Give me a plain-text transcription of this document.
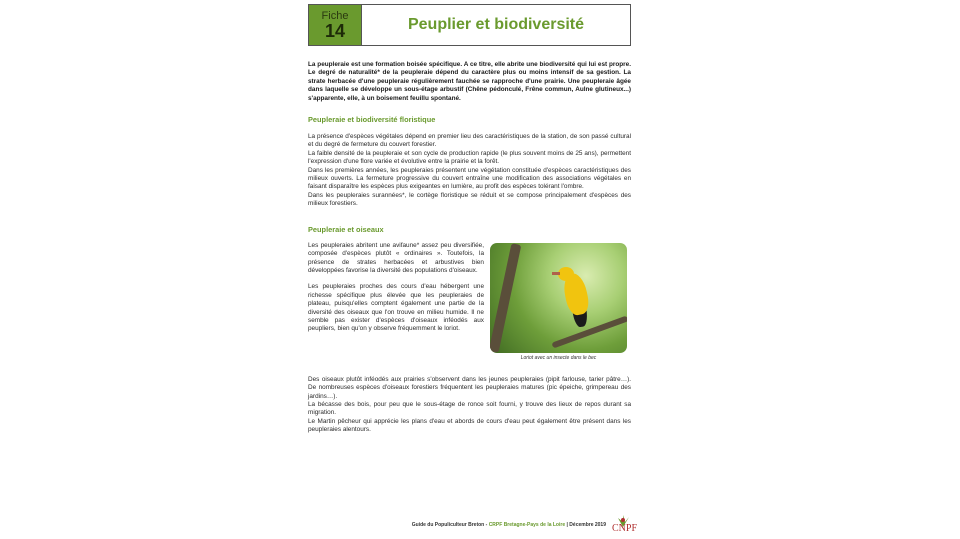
Fiche
14	Peuplier et biodiversité

La peupleraie est une formation boisée spécifique. A ce titre, elle abrite une biodiversité qui lui est propre. Le degré de naturalité* de la peupleraie dépend du caractère plus ou moins intensif de sa gestion. La strate herbacée d'une peupleraie régulièrement fauchée se rapproche d'une prairie. Une peupleraie âgée dans laquelle se développe un sous-étage arbustif (Chêne pédonculé, Frêne commun, Aulne glutineux...) s'apparente, elle, à un boisement feuillu spontané.

Peupleraie et biodiversité floristique

La présence d'espèces végétales dépend en premier lieu des caractéristiques de la station, de son passé cultural et du degré de fermeture du couvert forestier.

La faible densité de la peupleraie et son cycle de production rapide (le plus souvent moins de 25 ans), permettent l'expression d'une flore variée et évolutive entre la prairie et la forêt.

Dans les premières années, les peupleraies présentent une végétation constituée d'espèces caractéristiques des milieux ouverts. La fermeture progressive du couvert entraîne une modification des associations végétales en faisant disparaître les espèces plus exigeantes en lumière, au profit des espèces tolérant l'ombre.

Dans les peupleraies surannées*, le cortège floristique se réduit et se compose principalement d'espèces des milieux forestiers.

Peupleraie et oiseaux

Les peupleraies abritent une avifaune* assez peu diversifiée, composée d'espèces plutôt « ordinaires ». Toutefois, la présence de strates herbacées et arbustives bien développées favorise la diversité des populations d'oiseaux.

Les peupleraies proches des cours d'eau hébergent une richesse spécifique plus élevée que les peupleraies de plateau, puisqu'elles comptent également une partie de la diversité des oiseaux que l'on trouve en milieu humide. Il ne semble pas exister d'espèces d'oiseaux inféodés aux peupliers, bien qu'on y observe fréquemment le loriot.

Loriot avec un insecte dans le bec

Des oiseaux plutôt inféodés aux prairies s'observent dans les jeunes peupleraies (pipit farlouse, tarier pâtre…). De nombreuses espèces d'oiseaux forestiers fréquentent les peupleraies matures (pic épeiche, grimpereau des jardins…).

La bécasse des bois, pour peu que le sous-étage de ronce soit fourni, y trouve des lieux de repos durant sa migration.

Le Martin pêcheur qui apprécie les plans d'eau et abords de cours d'eau peut également être présent dans les peupleraies alentours.

Guide du Populiculteur Breton - CRPF Bretagne-Pays de la Loire | Décembre 2019 CNPF
